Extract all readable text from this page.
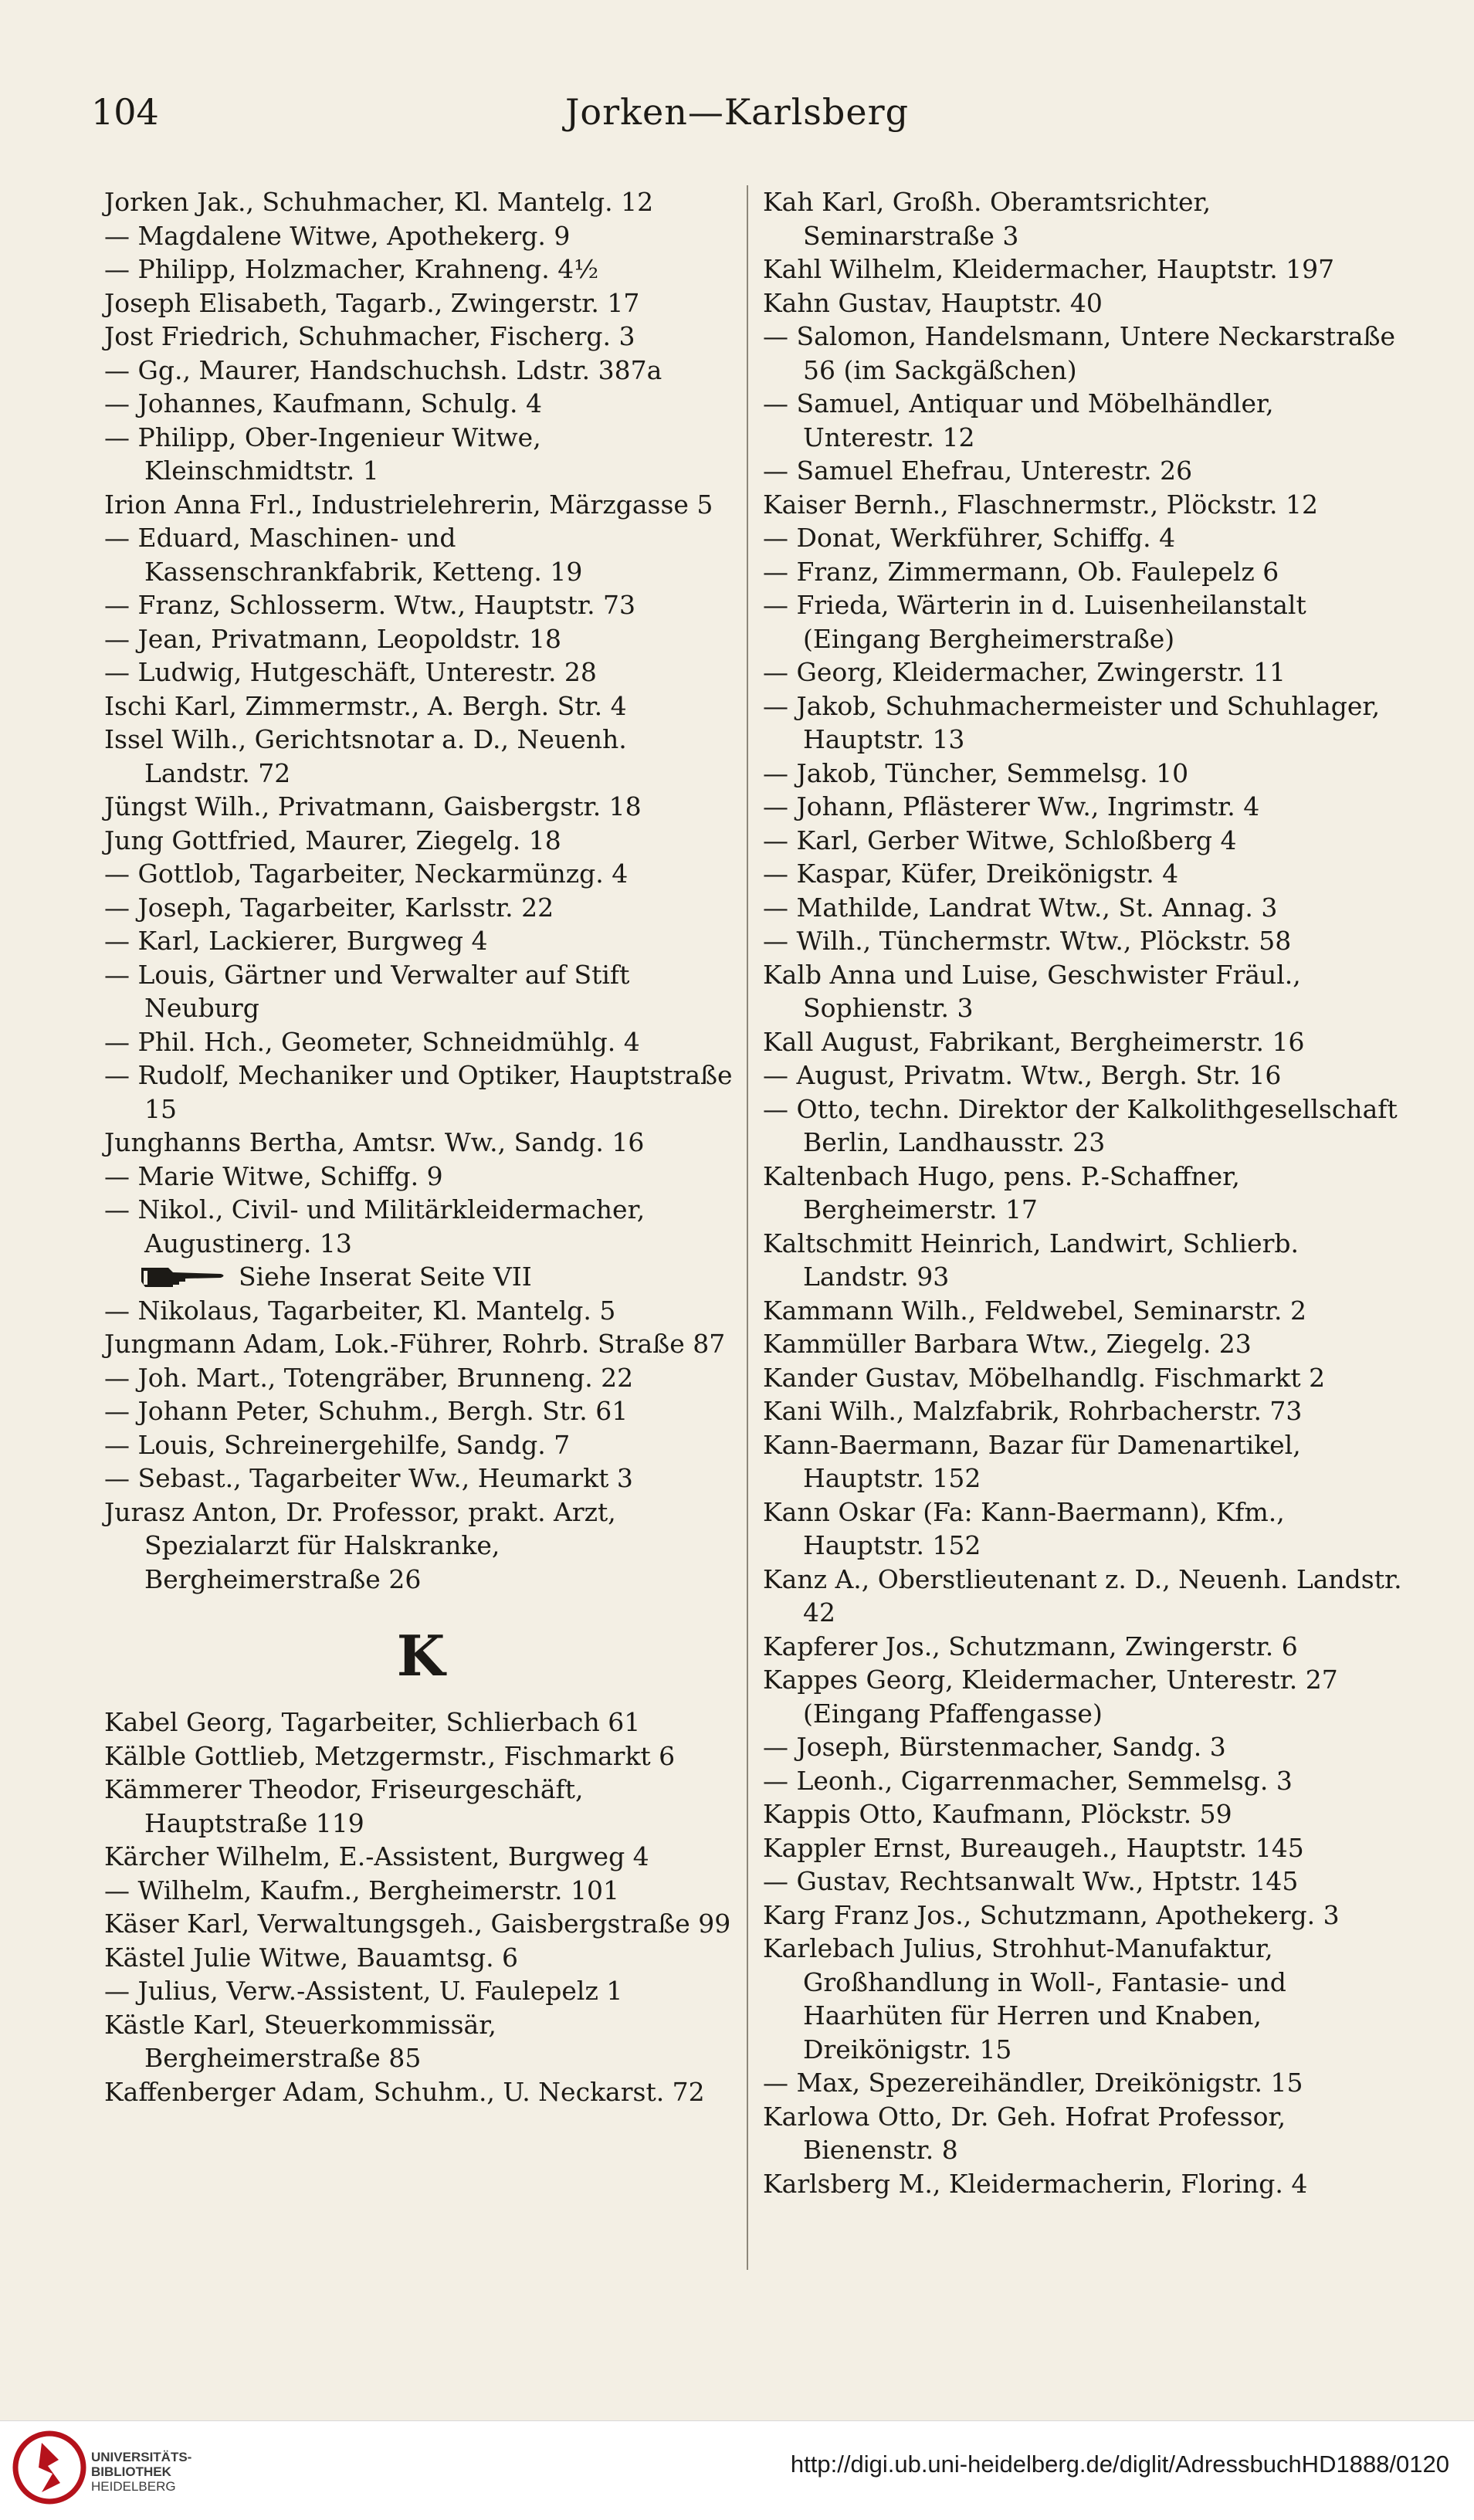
104	Jorken—Karlsberg

Jorken Jak., Schuhmacher, Kl. Mantelg. 12

— Magdalene Witwe, Apothekerg. 9

— Philipp, Holzmacher, Krahneng. 4½

Joseph Elisabeth, Tagarb., Zwingerstr. 17

Jost Friedrich, Schuhmacher, Fischerg. 3

— Gg., Maurer, Handschuchsh. Ldstr. 387a

— Johannes, Kaufmann, Schulg. 4

— Philipp, Ober-Ingenieur Witwe, Kleinschmidtstr. 1

Irion Anna Frl., Industrielehrerin, Märzgasse 5

— Eduard, Maschinen- und Kassenschrankfabrik, Ketteng. 19

— Franz, Schlosserm. Wtw., Hauptstr. 73

— Jean, Privatmann, Leopoldstr. 18

— Ludwig, Hutgeschäft, Unterestr. 28

Ischi Karl, Zimmermstr., A. Bergh. Str. 4

Issel Wilh., Gerichtsnotar a. D., Neuenh. Landstr. 72

Jüngst Wilh., Privatmann, Gaisbergstr. 18

Jung Gottfried, Maurer, Ziegelg. 18

— Gottlob, Tagarbeiter, Neckarmünzg. 4

— Joseph, Tagarbeiter, Karlsstr. 22

— Karl, Lackierer, Burgweg 4

— Louis, Gärtner und Verwalter auf Stift Neuburg

— Phil. Hch., Geometer, Schneidmühlg. 4

— Rudolf, Mechaniker und Optiker, Hauptstraße 15

Junghanns Bertha, Amtsr. Ww., Sandg. 16

— Marie Witwe, Schiffg. 9

— Nikol., Civil- und Militärkleidermacher, Augustinerg. 13

Siehe Inserat Seite VII

— Nikolaus, Tagarbeiter, Kl. Mantelg. 5

Jungmann Adam, Lok.-Führer, Rohrb. Straße 87

— Joh. Mart., Totengräber, Brunneng. 22

— Johann Peter, Schuhm., Bergh. Str. 61

— Louis, Schreinergehilfe, Sandg. 7

— Sebast., Tagarbeiter Ww., Heumarkt 3

Jurasz Anton, Dr. Professor, prakt. Arzt, Spezialarzt für Halskranke, Bergheimerstraße 26

K

Kabel Georg, Tagarbeiter, Schlierbach 61

Kälble Gottlieb, Metzgermstr., Fischmarkt 6

Kämmerer Theodor, Friseurgeschäft, Hauptstraße 119

Kärcher Wilhelm, E.-Assistent, Burgweg 4

— Wilhelm, Kaufm., Bergheimerstr. 101

Käser Karl, Verwaltungsgeh., Gaisbergstraße 99

Kästel Julie Witwe, Bauamtsg. 6

— Julius, Verw.-Assistent, U. Faulepelz 1

Kästle Karl, Steuerkommissär, Bergheimerstraße 85

Kaffenberger Adam, Schuhm., U. Neckarst. 72

Kah Karl, Großh. Oberamtsrichter, Seminarstraße 3

Kahl Wilhelm, Kleidermacher, Hauptstr. 197

Kahn Gustav, Hauptstr. 40

— Salomon, Handelsmann, Untere Neckarstraße 56 (im Sackgäßchen)

— Samuel, Antiquar und Möbelhändler, Unterestr. 12

— Samuel Ehefrau, Unterestr. 26

Kaiser Bernh., Flaschnermstr., Plöckstr. 12

— Donat, Werkführer, Schiffg. 4

— Franz, Zimmermann, Ob. Faulepelz 6

— Frieda, Wärterin in d. Luisenheilanstalt (Eingang Bergheimerstraße)

— Georg, Kleidermacher, Zwingerstr. 11

— Jakob, Schuhmachermeister und Schuhlager, Hauptstr. 13

— Jakob, Tüncher, Semmelsg. 10

— Johann, Pflästerer Ww., Ingrimstr. 4

— Karl, Gerber Witwe, Schloßberg 4

— Kaspar, Küfer, Dreikönigstr. 4

— Mathilde, Landrat Wtw., St. Annag. 3

— Wilh., Tünchermstr. Wtw., Plöckstr. 58

Kalb Anna und Luise, Geschwister Fräul., Sophienstr. 3

Kall August, Fabrikant, Bergheimerstr. 16

— August, Privatm. Wtw., Bergh. Str. 16

— Otto, techn. Direktor der Kalkolithgesellschaft Berlin, Landhausstr. 23

Kaltenbach Hugo, pens. P.-Schaffner, Bergheimerstr. 17

Kaltschmitt Heinrich, Landwirt, Schlierb. Landstr. 93

Kammann Wilh., Feldwebel, Seminarstr. 2

Kammüller Barbara Wtw., Ziegelg. 23

Kander Gustav, Möbelhandlg. Fischmarkt 2

Kani Wilh., Malzfabrik, Rohrbacherstr. 73

Kann-Baermann, Bazar für Damenartikel, Hauptstr. 152

Kann Oskar (Fa: Kann-Baermann), Kfm., Hauptstr. 152

Kanz A., Oberstlieutenant z. D., Neuenh. Landstr. 42

Kapferer Jos., Schutzmann, Zwingerstr. 6

Kappes Georg, Kleidermacher, Unterestr. 27 (Eingang Pfaffengasse)

— Joseph, Bürstenmacher, Sandg. 3

— Leonh., Cigarrenmacher, Semmelsg. 3

Kappis Otto, Kaufmann, Plöckstr. 59

Kappler Ernst, Bureaugeh., Hauptstr. 145

— Gustav, Rechtsanwalt Ww., Hptstr. 145

Karg Franz Jos., Schutzmann, Apothekerg. 3

Karlebach Julius, Strohhut-Manufaktur, Großhandlung in Woll-, Fantasie- und Haarhüten für Herren und Knaben, Dreikönigstr. 15

— Max, Spezereihändler, Dreikönigstr. 15

Karlowa Otto, Dr. Geh. Hofrat Professor, Bienenstr. 8

Karlsberg M., Kleidermacherin, Floring. 4

UNIVERSITÄTS-
BIBLIOTHEK
HEIDELBERG
http://digi.ub.uni-heidelberg.de/diglit/AdressbuchHD1888/0120
